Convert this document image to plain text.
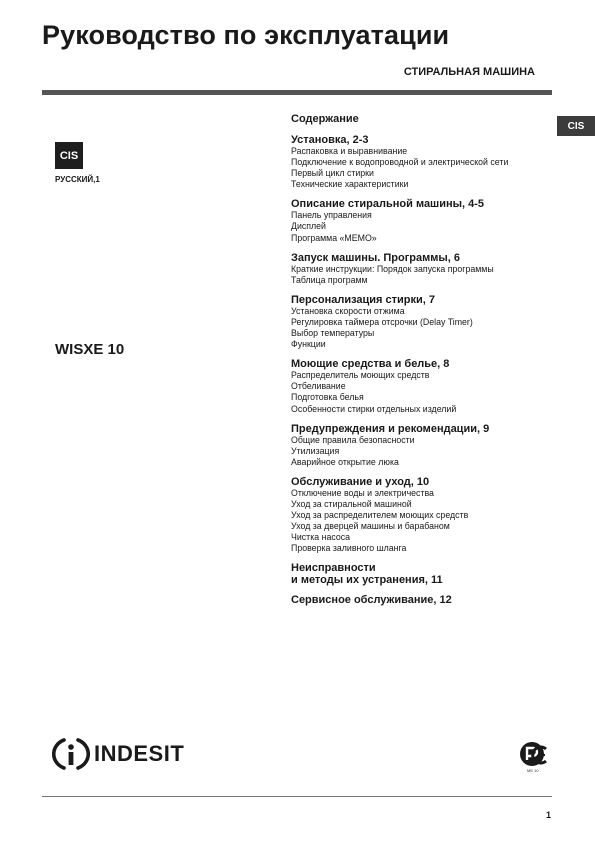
Руководство по эксплуатации
СТИРАЛЬНАЯ МАШИНА
CIS
CIS
РУССКИЙ,1
WISXE 10
Содержание
Установка, 2-3
Распаковка и выравнивание
Подключение к водопроводной и электрической сети
Первый цикл стирки
Технические характеристики
Описание стиральной машины, 4-5
Панель управления
Дисплей
Программа «МЕМО»
Запуск машины. Программы, 6
Краткие инструкции: Порядок запуска программы
Таблица программ
Персонализация стирки, 7
Установка скорости отжима
Регулировка таймера отсрочки (Delay Timer)
Выбор температуры
Функции
Моющие средства и белье, 8
Распределитель моющих средств
Отбеливание
Подготовка белья
Особенности стирки отдельных изделий
Предупреждения и рекомендации, 9
Общие правила безопасности
Утилизация
Аварийное открытие люка
Обслуживание и уход, 10
Отключение воды и электричества
Уход за стиральной машиной
Уход за распределителем моющих средств
Уход за дверцей машины и барабаном
Чистка насоса
Проверка заливного шланга
Неисправности
и методы их устранения, 11
Сервисное обслуживание, 12
INDESIT
МЕ 10
1
